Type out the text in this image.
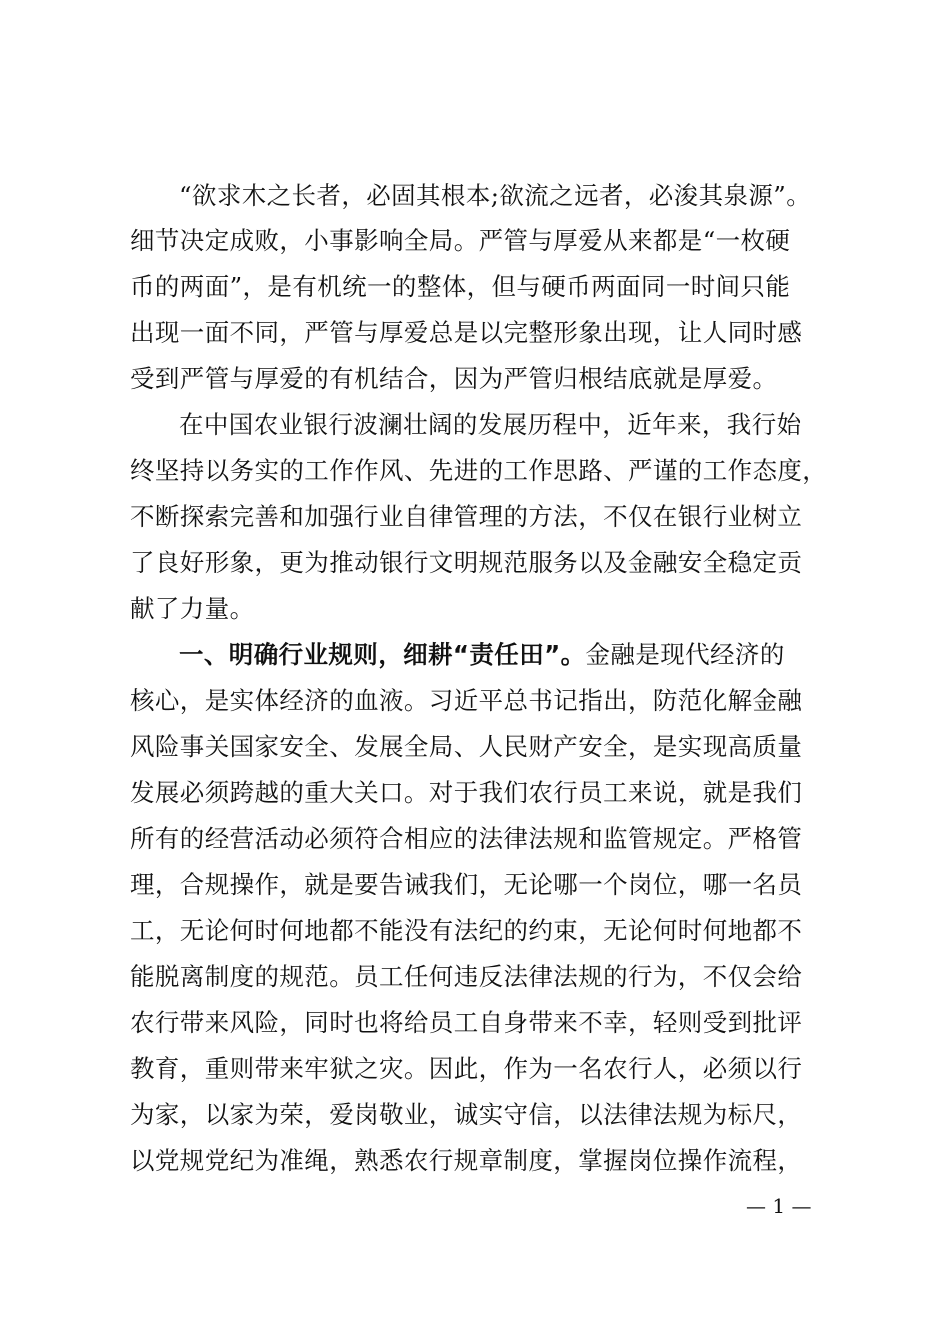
“欲求木之长者，必固其根本;欲流之远者，必浚其泉源”。
细节决定成败，小事影响全局。严管与厚爱从来都是“一枚硬
币的两面”，是有机统一的整体，但与硬币两面同一时间只能
出现一面不同，严管与厚爱总是以完整形象出现，让人同时感
受到严管与厚爱的有机结合，因为严管归根结底就是厚爱。
在中国农业银行波澜壮阔的发展历程中，近年来，我行始
终坚持以务实的工作作风、先进的工作思路、严谨的工作态度，
不断探索完善和加强行业自律管理的方法，不仅在银行业树立
了良好形象，更为推动银行文明规范服务以及金融安全稳定贡
献了力量。
一、明确行业规则，细耕“责任田”。金融是现代经济的
核心，是实体经济的血液。习近平总书记指出，防范化解金融
风险事关国家安全、发展全局、人民财产安全，是实现高质量
发展必须跨越的重大关口。对于我们农行员工来说，就是我们
所有的经营活动必须符合相应的法律法规和监管规定。严格管
理，合规操作，就是要告诫我们，无论哪一个岗位，哪一名员
工，无论何时何地都不能没有法纪的约束，无论何时何地都不
能脱离制度的规范。员工任何违反法律法规的行为，不仅会给
农行带来风险，同时也将给员工自身带来不幸，轻则受到批评
教育，重则带来牢狱之灾。因此，作为一名农行人，必须以行
为家，以家为荣，爱岗敬业，诚实守信，以法律法规为标尺，
以党规党纪为准绳，熟悉农行规章制度，掌握岗位操作流程，
— 1 —
